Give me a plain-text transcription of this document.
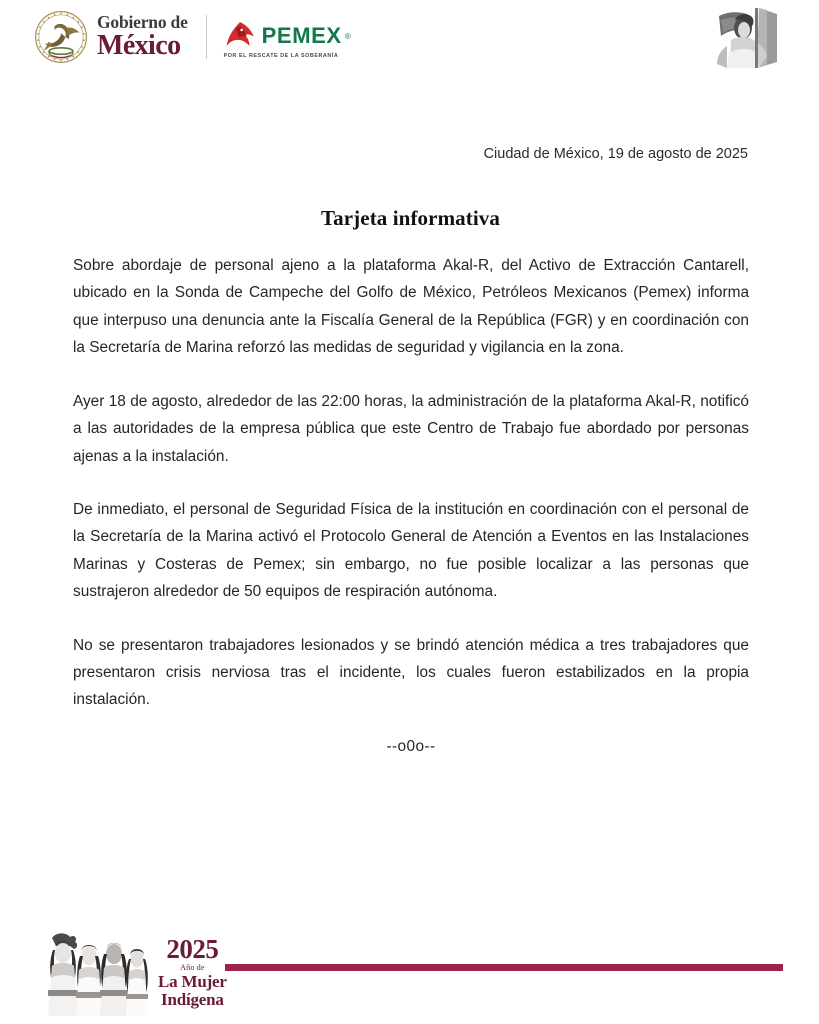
Gobierno de
México	PEMEX ®
POR EL RESCATE DE LA SOBERANÍA
Ciudad de México, 19 de agosto de 2025
Tarjeta informativa

Sobre abordaje de personal ajeno a la plataforma Akal-R, del Activo de Extracción Cantarell, ubicado en la Sonda de Campeche del Golfo de México, Petróleos Mexicanos (Pemex) informa que interpuso una denuncia ante la Fiscalía General de la República (FGR) y en coordinación con la Secretaría de Marina reforzó las medidas de seguridad y vigilancia en la zona.

Ayer 18 de agosto, alrededor de las 22:00 horas, la administración de la plataforma Akal-R, notificó a las autoridades de la empresa pública que este Centro de Trabajo fue abordado por personas ajenas a la instalación.

De inmediato, el personal de Seguridad Física de la institución en coordinación con el personal de la Secretaría de la Marina activó el Protocolo General de Atención a Eventos en las Instalaciones Marinas y Costeras de Pemex; sin embargo, no fue posible localizar a las personas que sustrajeron alrededor de 50 equipos de respiración autónoma.

No se presentaron trabajadores lesionados y se brindó atención médica a tres trabajadores que presentaron crisis nerviosa tras el incidente, los cuales fueron estabilizados en la propia instalación.

--o0o--
2025
Año de
La Mujer
Indígena
